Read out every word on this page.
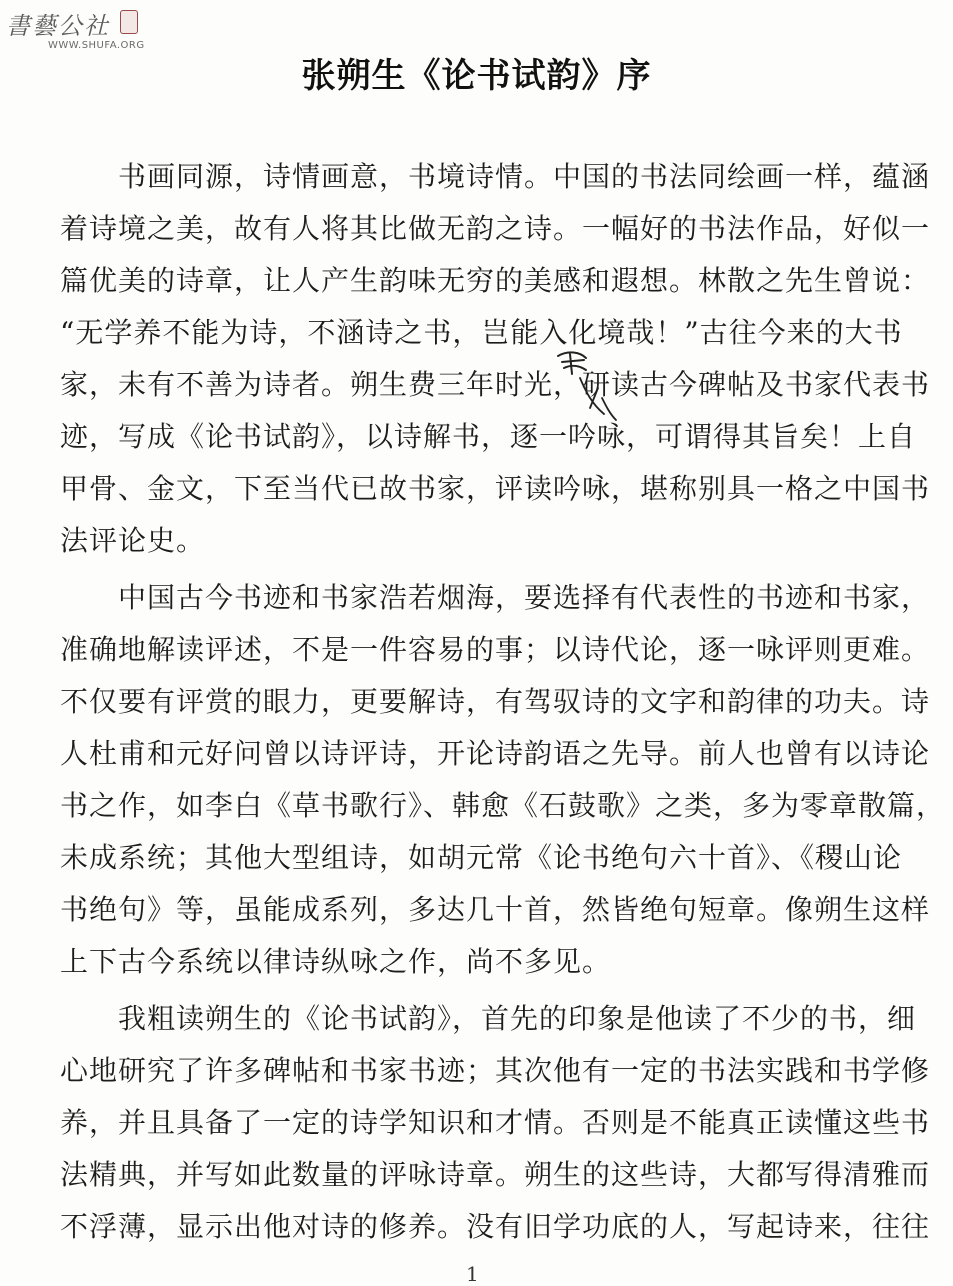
書藝公社
WWW.SHUFA.ORG
张朔生《论书试韵》序
　　书画同源，诗情画意，书境诗情。中国的书法同绘画一样，蕴涵
着诗境之美，故有人将其比做无韵之诗。一幅好的书法作品，好似一
篇优美的诗章，让人产生韵味无穷的美感和遐想。林散之先生曾说：
“无学养不能为诗，不涵诗之书，岂能入化境哉！”古往今来的大书
家，未有不善为诗者。朔生费三年时光，研读古今碑帖及书家代表书
迹，写成《论书试韵》，以诗解书，逐一吟咏，可谓得其旨矣！上自
甲骨、金文，下至当代已故书家，评读吟咏，堪称别具一格之中国书
法评论史。
　　中国古今书迹和书家浩若烟海，要选择有代表性的书迹和书家，
准确地解读评述，不是一件容易的事；以诗代论，逐一咏评则更难。
不仅要有评赏的眼力，更要解诗，有驾驭诗的文字和韵律的功夫。诗
人杜甫和元好问曾以诗评诗，开论诗韵语之先导。前人也曾有以诗论
书之作，如李白《草书歌行》、韩愈《石鼓歌》之类，多为零章散篇，
未成系统；其他大型组诗，如胡元常《论书绝句六十首》、《稷山论
书绝句》等，虽能成系列，多达几十首，然皆绝句短章。像朔生这样
上下古今系统以律诗纵咏之作，尚不多见。
　　我粗读朔生的《论书试韵》，首先的印象是他读了不少的书，细
心地研究了许多碑帖和书家书迹；其次他有一定的书法实践和书学修
养，并且具备了一定的诗学知识和才情。否则是不能真正读懂这些书
法精典，并写如此数量的评咏诗章。朔生的这些诗，大都写得清雅而
不浮薄，显示出他对诗的修养。没有旧学功底的人，写起诗来，往往
1
